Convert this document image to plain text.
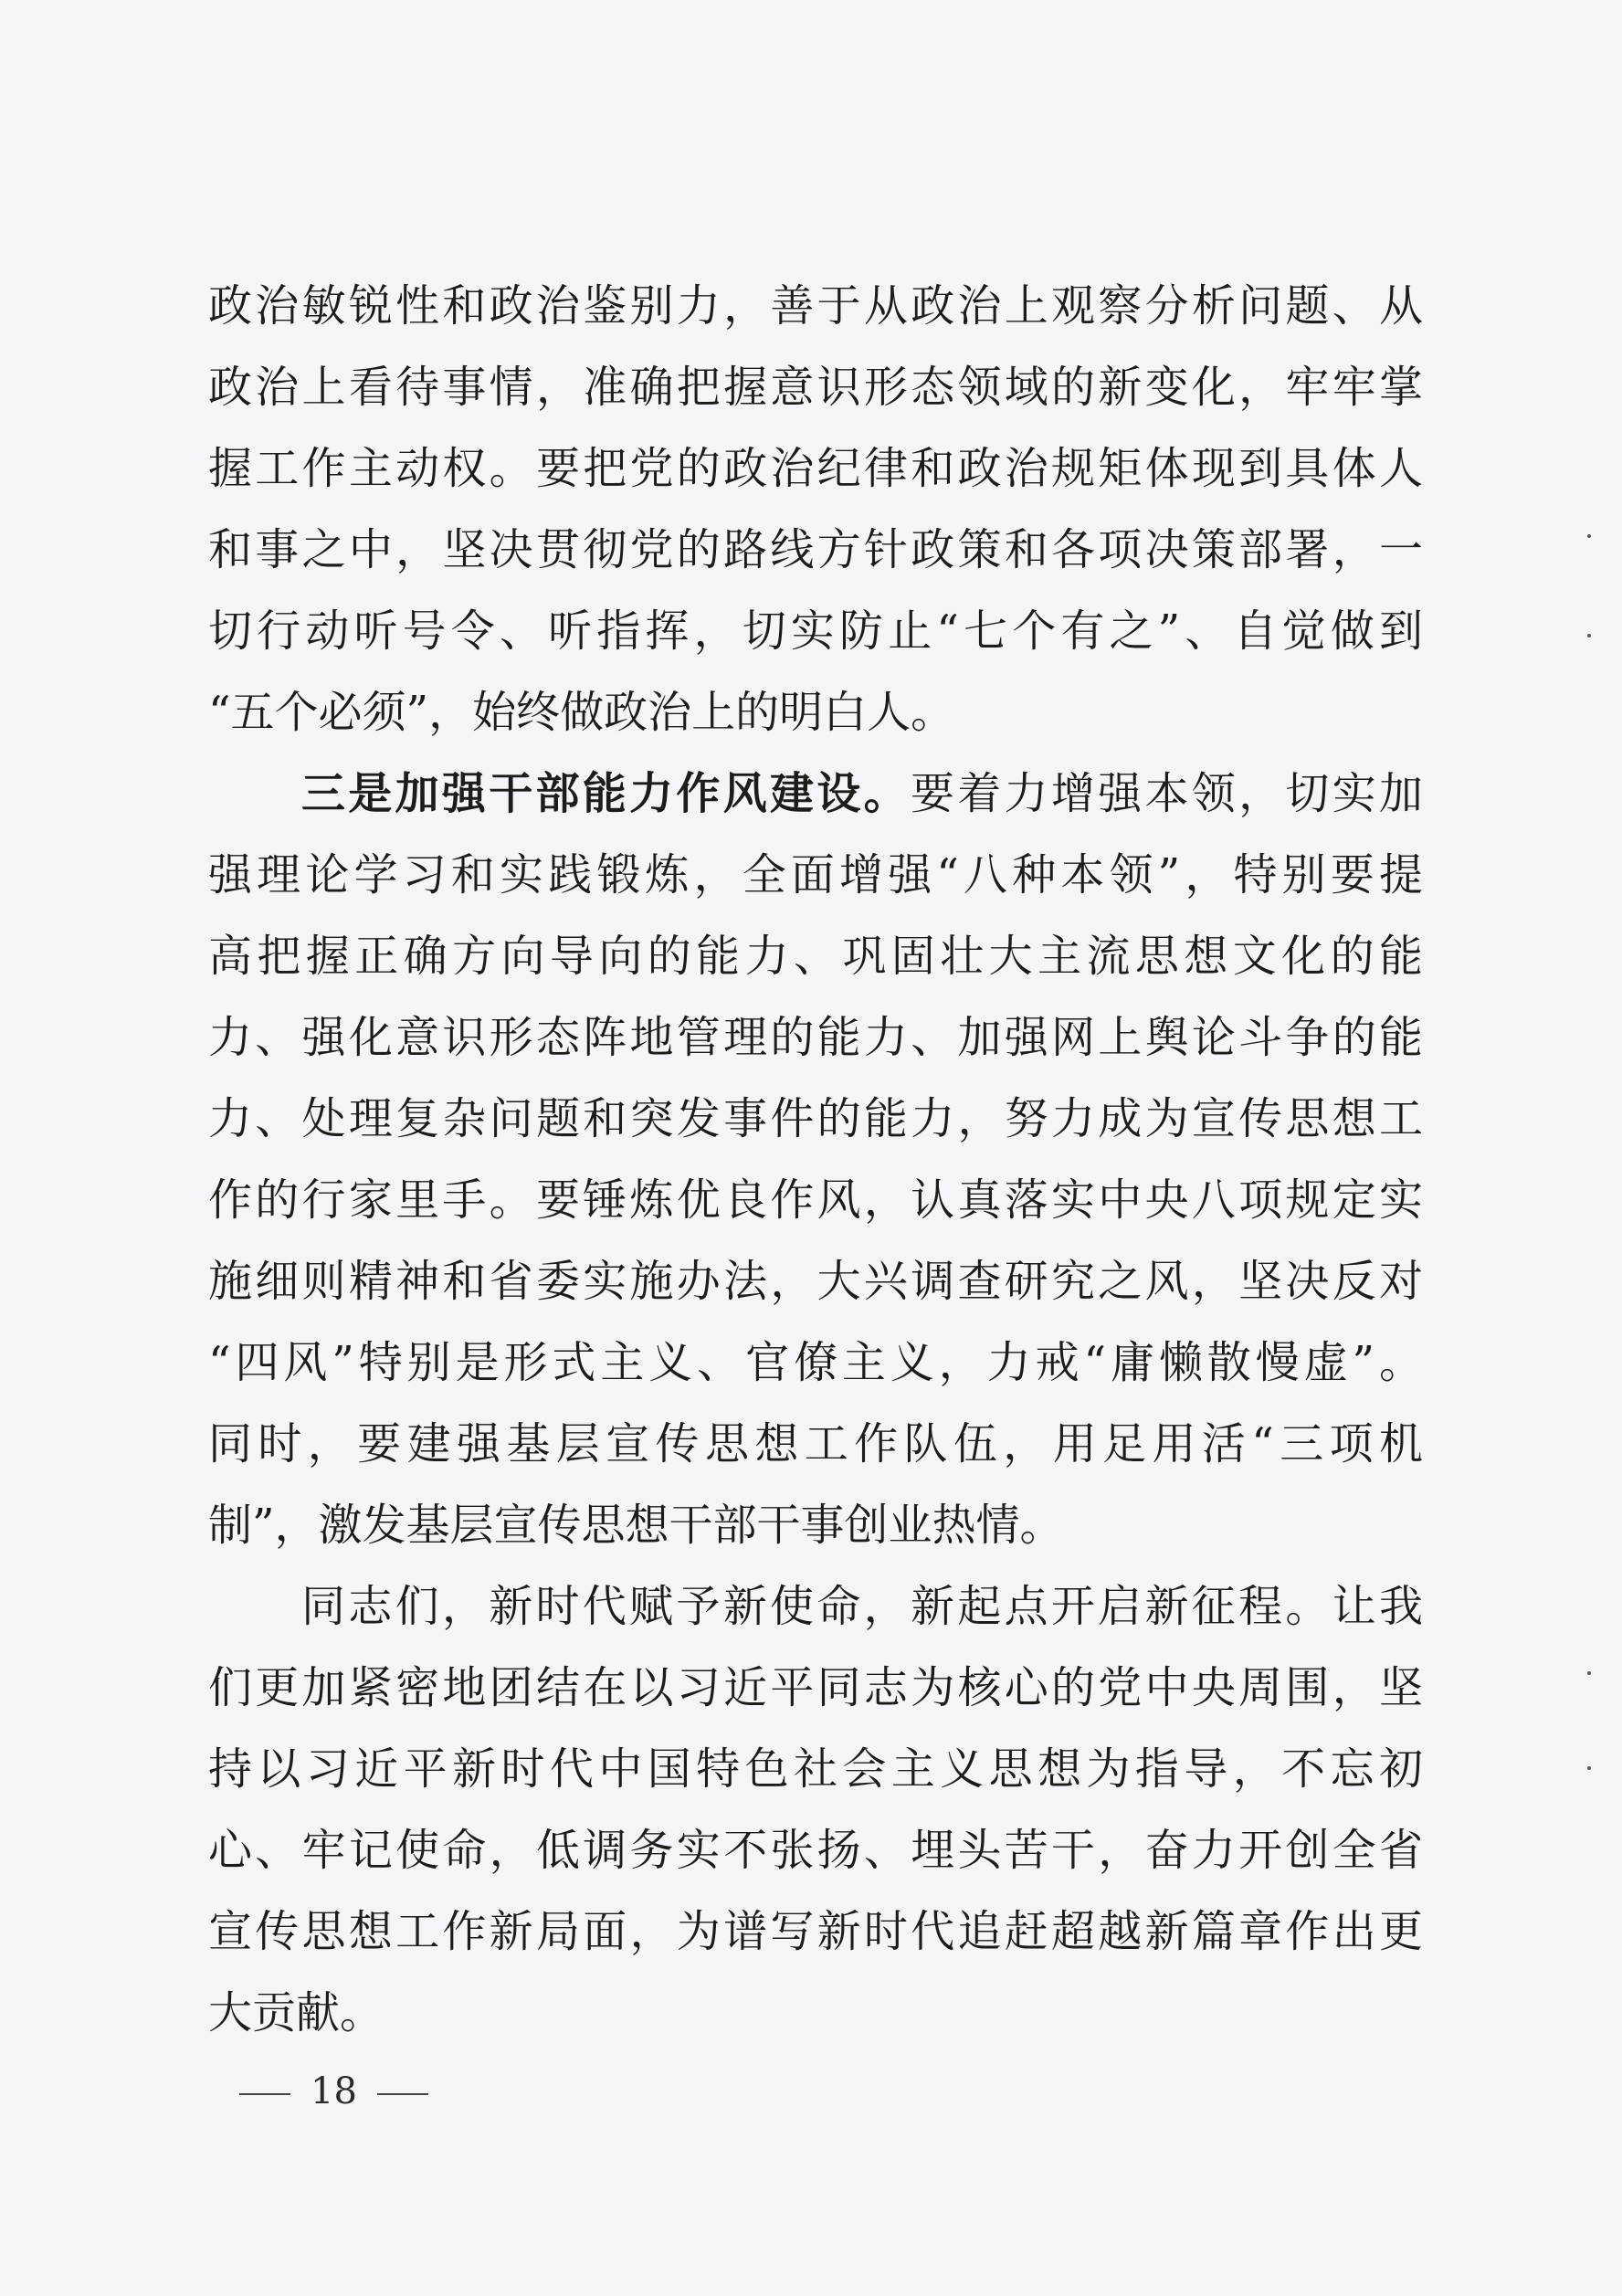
政治敏锐性和政治鉴别力，善于从政治上观察分析问题、从
政治上看待事情，准确把握意识形态领域的新变化，牢牢掌
握工作主动权。要把党的政治纪律和政治规矩体现到具体人
和事之中，坚决贯彻党的路线方针政策和各项决策部署，一
切行动听号令、听指挥，切实防止“七个有之”、自觉做到
“五个必须”，始终做政治上的明白人。
三是加强干部能力作风建设。要着力增强本领，切实加
强理论学习和实践锻炼，全面增强“八种本领”，特别要提
高把握正确方向导向的能力、巩固壮大主流思想文化的能
力、强化意识形态阵地管理的能力、加强网上舆论斗争的能
力、处理复杂问题和突发事件的能力，努力成为宣传思想工
作的行家里手。要锤炼优良作风，认真落实中央八项规定实
施细则精神和省委实施办法，大兴调查研究之风，坚决反对
“四风”特别是形式主义、官僚主义，力戒“庸懒散慢虚”。
同时，要建强基层宣传思想工作队伍，用足用活“三项机
制”，激发基层宣传思想干部干事创业热情。
同志们，新时代赋予新使命，新起点开启新征程。让我
们更加紧密地团结在以习近平同志为核心的党中央周围，坚
持以习近平新时代中国特色社会主义思想为指导，不忘初
心、牢记使命，低调务实不张扬、埋头苦干，奋力开创全省
宣传思想工作新局面，为谱写新时代追赶超越新篇章作出更
大贡献。
18
